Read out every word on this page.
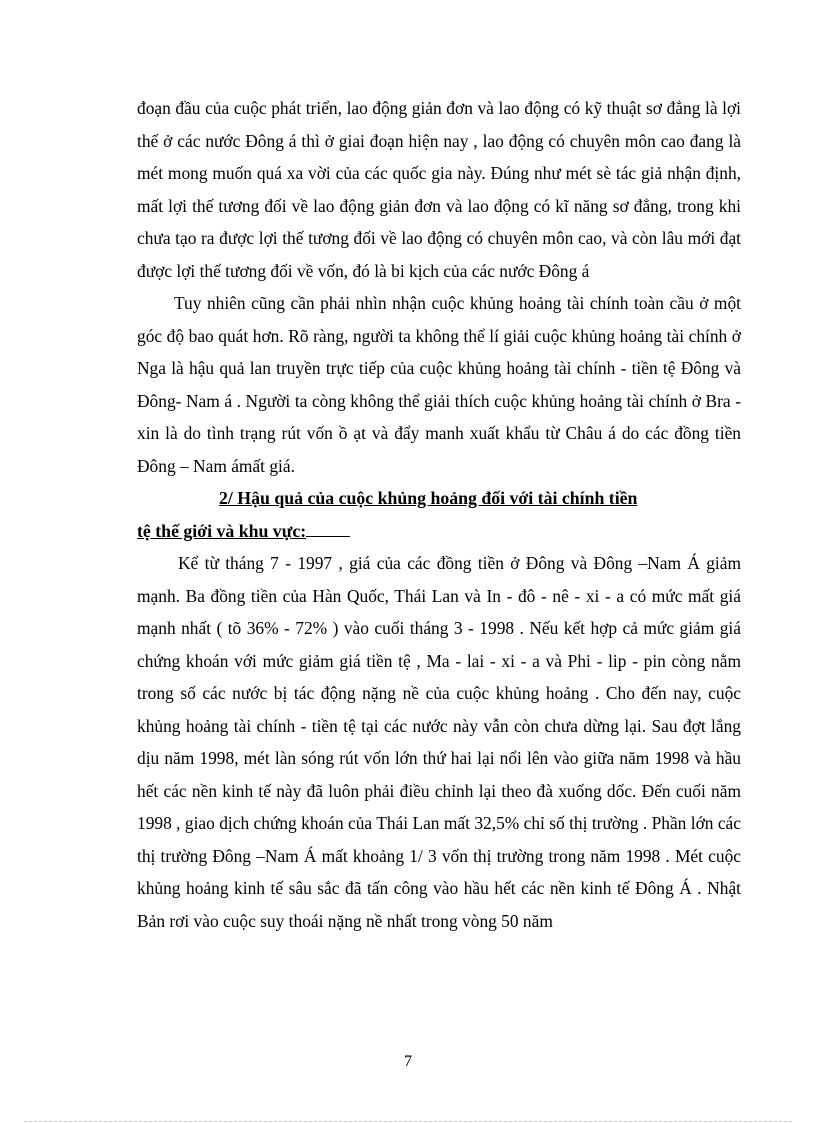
đoạn đầu của cuộc phát triển, lao động giản đơn và lao động có kỹ thuật sơ đẳng là lợi thế ở các nước Đông á thì ở giai đoạn hiện nay , lao động có chuyên môn cao đang là mét mong muốn quá xa vời của các quốc gia này. Đúng như mét sè tác giả nhận định, mất lợi thế tương đối về lao động giản đơn và lao động có kĩ năng sơ đẳng, trong khi chưa tạo ra được lợi thế tương đối về lao động có chuyên môn cao, và còn lâu mới đạt được lợi thế tương đối về vốn, đó là bi kịch của các nước Đông á

Tuy nhiên cũng cần phải nhìn nhận cuộc khủng hoảng tài chính toàn cầu ở một góc độ bao quát hơn. Rõ ràng, người ta không thể lí giải cuộc khủng hoảng tài chính ở Nga là hậu quả lan truyền trực tiếp của cuộc khủng hoảng tài chính - tiền tệ Đông và Đông- Nam á . Người ta còng không thể giải thích cuộc khủng hoảng tài chính ở Bra - xin là do tình trạng rút vốn ồ ạt và đẩy manh xuất khẩu từ Châu á do các đồng tiền Đông – Nam ámất giá.

2/ Hậu quả của cuộc khủng hoảng đối với tài chính tiền
tệ thế giới và khu vực:

Kể từ tháng 7 - 1997 , giá của các đồng tiền ở Đông và Đông –Nam Á giảm mạnh. Ba đồng tiền của Hàn Quốc, Thái Lan và In - đô - nê - xi - a có mức mất giá mạnh nhất ( tõ 36% - 72% ) vào cuối tháng 3 - 1998 . Nếu kết hợp cả mức giảm giá chứng khoán với mức giảm giá tiền tệ , Ma - lai - xi - a và Phi - lip - pin còng nằm trong số các nước bị tác động nặng nề của cuộc khủng hoảng . Cho đến nay, cuộc khủng hoảng tài chính - tiền tệ tại các nước này vẫn còn chưa dừng lại. Sau đợt lắng dịu năm 1998, mét làn sóng rút vốn lớn thứ hai lại nổi lên vào giữa năm 1998 và hầu hết các nền kinh tế này đã luôn phải điều chỉnh lại theo đà xuống dốc. Đến cuối năm 1998 , giao dịch chứng khoán của Thái Lan mất 32,5% chỉ số thị trường . Phần lớn các thị trường Đông –Nam Á mất khoảng 1/ 3 vốn thị trường trong năm 1998 . Mét cuộc khủng hoảng kinh tế sâu sắc đã tấn công vào hầu hết các nền kinh tế Đông Á . Nhật Bản rơi vào cuộc suy thoái nặng nề nhất trong vòng 50 năm

7
